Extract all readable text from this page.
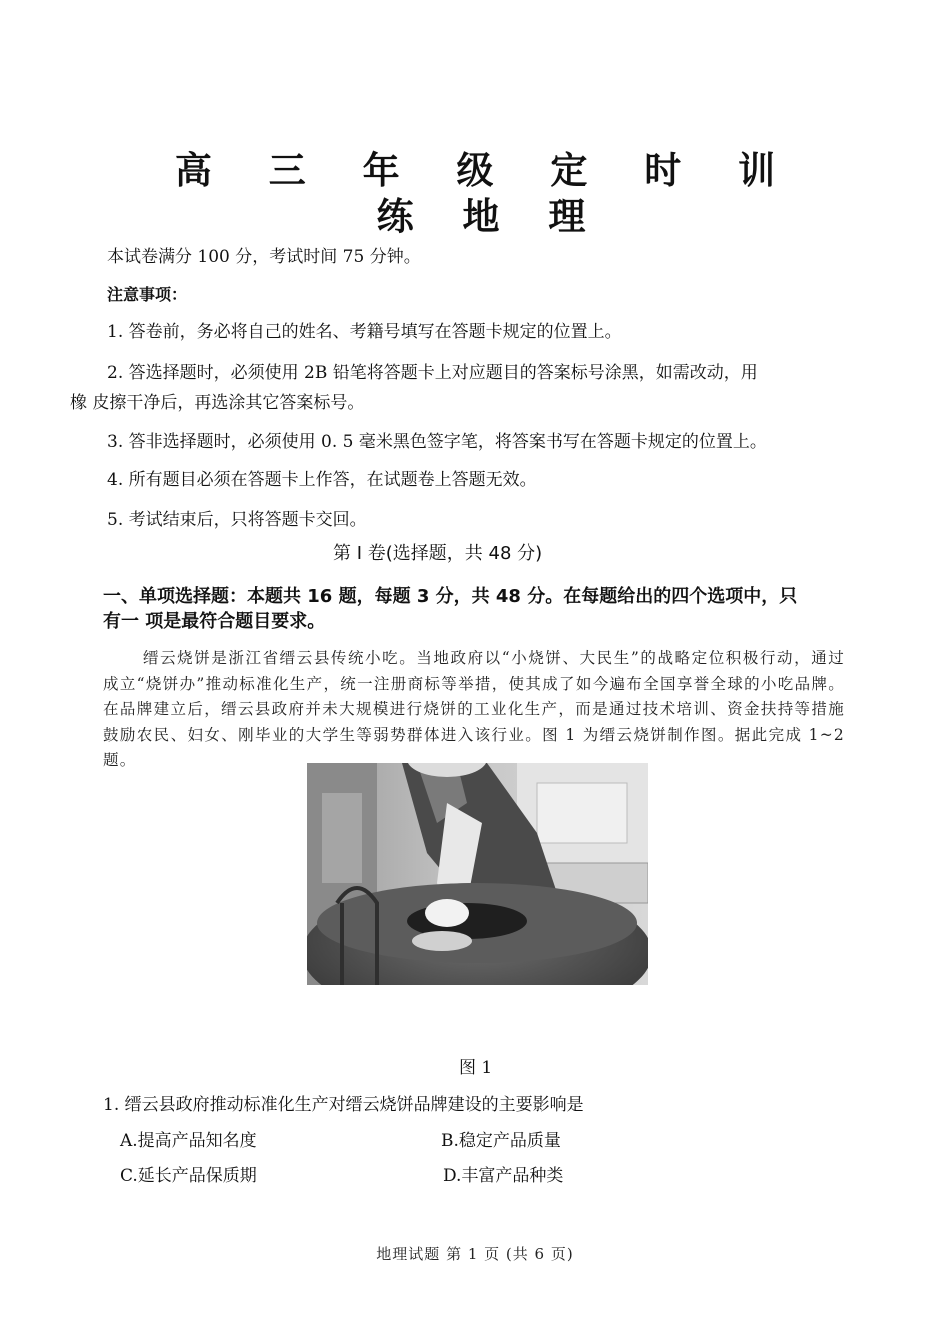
高 三 年 级 定 时 训
练 地 理
本试卷满分 100 分，考试时间 75 分钟。
注意事项：
1. 答卷前，务必将自己的姓名、考籍号填写在答题卡规定的位置上。
2. 答选择题时，必须使用 2B 铅笔将答题卡上对应题目的答案标号涂黑，如需改动，用
橡 皮擦干净后，再选涂其它答案标号。
3. 答非选择题时，必须使用 0. 5 毫米黑色签字笔，将答案书写在答题卡规定的位置上。
4. 所有题目必须在答题卡上作答，在试题卷上答题无效。
5. 考试结束后，只将答题卡交回。
第 Ⅰ 卷(选择题，共 48 分)
一、单项选择题：本题共 16 题，每题 3 分，共 48 分。在每题给出的四个选项中，只
有一 项是最符合题目要求。
缙云烧饼是浙江省缙云县传统小吃。当地政府以“小烧饼、大民生”的战略定位积极行动，通过成立“烧饼办”推动标准化生产，统一注册商标等举措，使其成了如今遍布全国享誉全球的小吃品牌。在品牌建立后，缙云县政府并未大规模进行烧饼的工业化生产，而是通过技术培训、资金扶持等措施鼓励农民、妇女、刚毕业的大学生等弱势群体进入该行业。图 1 为缙云烧饼制作图。据此完成 1~2 题。
图 1
1. 缙云县政府推动标准化生产对缙云烧饼品牌建设的主要影响是
A.提高产品知名度	B.稳定产品质量
C.延长产品保质期	D.丰富产品种类
地理试题 第 1 页 (共 6 页)
